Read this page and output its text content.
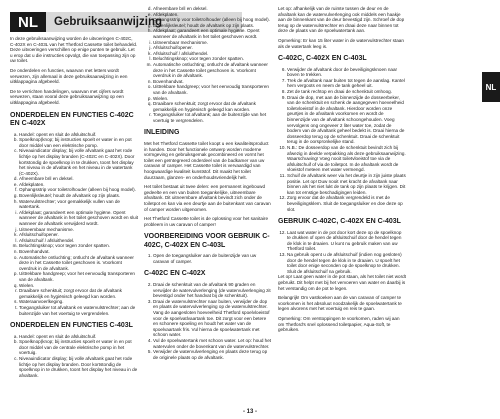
NL	Gebruiksaanwijzing
NL

In deze gebruiksaanwijzing worden de uitvoeringen C-402C, C-402X en C-403L van het Thetford Cassette toilet behandeld. Deze uitvoeringen verschillen op enige punten te gebruik. Let u erop dat u die instructies opvolgt, die van toepassing zijn op uw toilet.

De onderdelen en functies, waarvan met letters wordt verwezen, zijn allemaal in deze gebruiksaanwijzing in een uitklappagina afgebeeld.

De te verrichten handelingen, waarvan met cijfers wordt verwezen, staan vooral deze gebruiksaanwijzing op een uitklappagina afgebeeld.

ONDERDELEN EN FUNCTIES C-402C EN C-402X
a. Handel: opent en sluit de afsluitschuif.
b. Spoelknop(knop; bij instructies spoelt er water in en pot door middel van een elektrische pomp.
c. Niveauindicator display; bij volle afvaltank gaat het rode lichtje op het display branden (C-402C en C-402X). Door kortstondig de spoelknop in te drukken, toont het display het niveau in de afvaltank en het niveau in de watertank (C-402X).
d. Afneembare bril en deksel.
e. Afdekplaten.
f. Ophangsstrip voor toiletrolhouder (alleen bij hoog model).
g. Bovenlijksleutel; houdt de afvaltank op zijn plaats.
h. Watervulstrechter; voor gemakkelijk vullen van de watertank.
i. Afdekplaat; garandeert een optimale hygiëne. Opent wanneer de afvaltank in het toilet geschoven wordt en sluit wanneer de afvaltank verwijderd wordt.
j. Uitneembaar mechanisme.
k. Afsluitschuifopener.
l. Afsluitschuif / afsluithendel.
m. Beluchtingsknop; voor tegen zonder spatten.
n. Bovenhandvat.
o. Automatische ontluchting; ontlucht de afvaltank wanneer deze in het Cassette toilet geschoven is. Voorkomt overdruk in de afvaltank.
p. Uittrekbare handgreep; voor het eenvoudig transporteren van de afvaltank.
q. Wielen.
r. Draaibare schenktuit; zorgt ervoor dat de afvaltank gemakkelijk en hygiënisch geleegd kan worden.
s. Wateraanvoerlkeging.
t. Toegangsluiker tot afvaltank en watervulstrechter; aan de buitenzijde van het voertuig te vergrendelen.
ONDERDELEN EN FUNCTIES C-403L
a. Handel: opent en sluit de afsluitschuif.
b. Spoelknop(knop; bij instructies spoelt er water in en pot door middel van de centrale elektrische pomp in het voertuig.
c. Niveauindicator display; bij volle afvaltank gaat het rode lichtje op het display branden. Door kortstondig de spoelknop in te drukken, toont het display het niveau in de afvaltank.
d. Afneembare bril en deksel.
e. Afdekplaten.
f. Ophangsstrip voor toiletrolhouder (alleen bij hoog model).
g. Bovenlijksleutel; houdt de afvaltank op zijn plaats.
h. Afdekplaat; garandeert een optimale hygiëne. Opent wanneer de afvaltank in het toilet geschoven wordt.
i. Uitneembaar mechanisme.
j. Afsluitschuifopener.
k. Afsluitschuif / afsluithendel.
l. Beluchtingsknop; voor tegen zonder spatten.
m. Automatische ontluchting; ontlucht de afvaltank wanneer deze in het Cassette toilet geschoven is. Voorkomt overdruk in de afvaltank.
n. Bovenhandvat.
o. Uittrekbare handgreep; voor het eenvoudig transporteren van de afvaltank.
p. Wielen.
q. Draaibare schenktuit; zorgt ervoor dat de afvaltank gemakkelijk en hygiënisch geleegd kan worden.
r. Toegangsluiker tot afvaltank; aan de buitenzijde van het voertuig te vergrendelen.
INLEIDING

Met het Thetford Cassette toilet koopt u een kwaliteitsproduct in handen. Door het functionele ontwerp worden moderne vormgeving en gebruiksgemak gecombineerd en vormt het toilet een geïntegreerd onderdeel van de badkamer van uw caravan of camper. Het Cassette toilet is vervaardigd van hoogwaardige kwaliteit kunststof. Dit maakt het toilet duurzaam, glanzen- en onderhoudsvriendelijk helt.

Het toilet bestaat uit twee delen: een permanent ingebouwd gedeelte en een van buiten toegankelijke, uitneembare afvaltank. Dit uitneembare afvaltank bevindt zich onder de toiletpot en kan via een deurtje aan de buitenkant van caravan of camper worden uitgenomen.

Het Thetford Cassette toilet is de oplossing voor het sanitaire probleem in uw caravan of camper!

VOORBEREIDING VOOR GEBRUIK C-402C, C-402X EN C-403L
1. Open de toegangsluiker aan de buitenzijde van uw caravan of camper.
C-402C EN C-402X
2. Draai de schenktuit van de afvaltank 90 graden en verwijder de watervulverlenging (de watervulverlenging zit bevestigd onder het handvat bij de schenktuit).
3. Draai de watervulstrechter naar buiten, verwijder de dop en plaats de watervulverlenging op de watervulstrechter. Vang de aangesloten hoeveelheid Thetford spoelvloeistof voor de spoelvatlvaartank toe. Dit zorgt voor een betere en schonere spoeling en houdt het water van de spoelvaartank fris. Vul hierna de spoelwatertank met schoon water.
4. Vul de spoelwatertank met schoon water. Let op: houd het watervulen onder de bovenkant van de watervulstrechter.
5. Verwijder de watervulverlenging en plaats deze terug op de originele plaats op de afvaltank.

Let op: afhankelijk van de ruimte tussen de deur en de afvaltank kan de watervulverlenging ook middels een haakje aan de binnenkant van de deur bevestigd zijn. Schroef de dop terug op de watervulstrechter en draai deze naar binnen tot deze de plaats van de spoelwatertank aan.

Opmerking: Er kan 15 liter water in de watervulstrechter staan als de watertank leeg is.

C-402C, C-402X EN C-403L
6. Verwijder de afvaltank door de beveiligingsknoen naar boven te trekken.
7. Trek de afvaltank naar buiten tot tegen de aanslag. Kantel hem vergoots en neem de tank geheel uit.
8. Zet de tank rechtop en draai de schenktuit omhoog.
9. Draai de dop, met aan de binnenzijde de dosseerbeker, van de schenktuit en schenk de aangegeven hoeveelheid toiletvloeistof in de afvaltank. Hierdoor worden onze geurtjes in de afvaltank voorkomen en wordt de binnenzijde van de afvaltank schoongehouden. Voeg vervolgens ong ongeveer 2 liter water toe, zodat de bodem van de afvaltank geheel bedekt is. Draai hierna de dosseerdop terug op de schenktuit. Draai de schenktuit terug in de oorspronkelijke stand.
10. N.B.: De dosseerdop van de schenktuit bevindt zich bij afwezig in deelde verpakking als deze gebruiksaanwijzing. Waarschuwing! Voeg nooit toiletvloeistof toe via de afsluitschuif of via de toiletpot. In de afvaltank wordt de vloeistof meteen met water vermengd.
11. Schuif de afvaltank weer via het deurtje in zijn juiste plaats positie. Let op! Duw nooit met kracht de afvaltank naar binnen als het niet lukt de tank op zijn plaats te krijgen. Dit kan tot ernstige beschadigingen leiden.
12. Zorg ervoor dat de afvaltank vergrendeld is met de beveiligingsklem. Sluit de toegangsluiker en doe deze op slot.
GEBRUIK C-402C, C-402X EN C-403L
12. Laat wat water in de pot door kort deze op de spoelknop te drukken of open de afsluitschuif door de hendel tegen de klok in te draaien. U kunt nu gebruik maken van uw Thetford toilet.
13. Na gebruik opent u de afsluitschuif (indien nog gesloten) door de hendel tegen de klok in te draaien. U spoelt het toilet door enige seconden op de spoelknop te drukken. Sluit de afsluitschuif na gebruik.

Let op! Laat geen water in de pot staan, als het toilet niet wordt gebruikt. Dit helpt met bij het vervoeren van water en daarbij is het verstandig om de pot te legen.

Belangrijk! Om vastkoeken aan de van caravan of camper te voorkomen is het absoluut noodzakelijk de spoelwatertank te legen alvorens met het voertuig en reis te gaan.

Opmerking: Om verstoppingen te voorkomen, raden wij aan om Thetford's snel oplossend toiletpapier, Aqua-Soft, te gebruiken.

- 13 -
